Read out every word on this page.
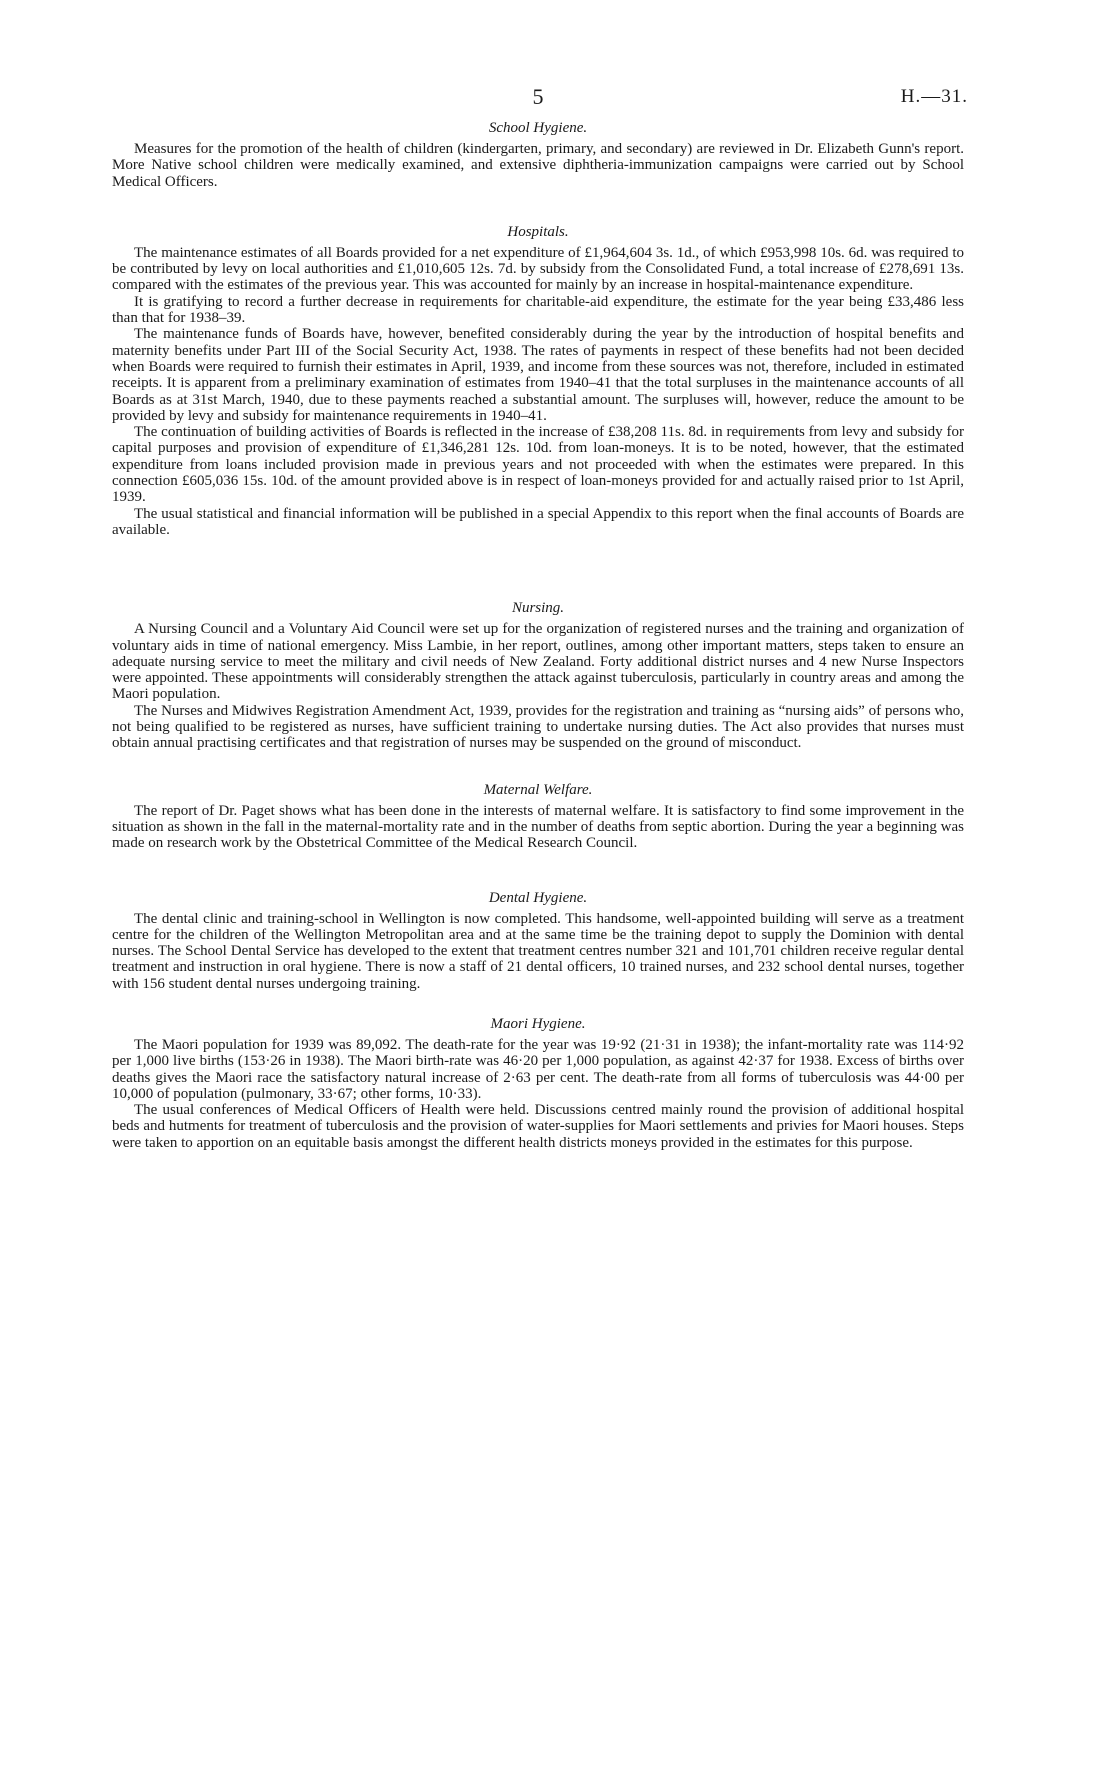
5	H.—31.
School Hygiene.

Measures for the promotion of the health of children (kindergarten, primary, and secondary) are reviewed in Dr. Elizabeth Gunn's report. More Native school children were medically examined, and extensive diphtheria-immunization campaigns were carried out by School Medical Officers.

Hospitals.

The maintenance estimates of all Boards provided for a net expenditure of £1,964,604 3s. 1d., of which £953,998 10s. 6d. was required to be contributed by levy on local authorities and £1,010,605 12s. 7d. by subsidy from the Consolidated Fund, a total increase of £278,691 13s. compared with the estimates of the previous year. This was accounted for mainly by an increase in hospital-maintenance expenditure.

It is gratifying to record a further decrease in requirements for charitable-aid expenditure, the estimate for the year being £33,486 less than that for 1938–39.

The maintenance funds of Boards have, however, benefited considerably during the year by the introduction of hospital benefits and maternity benefits under Part III of the Social Security Act, 1938. The rates of payments in respect of these benefits had not been decided when Boards were required to furnish their estimates in April, 1939, and income from these sources was not, therefore, included in estimated receipts. It is apparent from a preliminary examination of estimates from 1940–41 that the total surpluses in the maintenance accounts of all Boards as at 31st March, 1940, due to these payments reached a substantial amount. The surpluses will, however, reduce the amount to be provided by levy and subsidy for maintenance requirements in 1940–41.

The continuation of building activities of Boards is reflected in the increase of £38,208 11s. 8d. in requirements from levy and subsidy for capital purposes and provision of expenditure of £1,346,281 12s. 10d. from loan-moneys. It is to be noted, however, that the estimated expenditure from loans included provision made in previous years and not proceeded with when the estimates were prepared. In this connection £605,036 15s. 10d. of the amount provided above is in respect of loan-moneys provided for and actually raised prior to 1st April, 1939.

The usual statistical and financial information will be published in a special Appendix to this report when the final accounts of Boards are available.

Nursing.

A Nursing Council and a Voluntary Aid Council were set up for the organization of registered nurses and the training and organization of voluntary aids in time of national emergency. Miss Lambie, in her report, outlines, among other important matters, steps taken to ensure an adequate nursing service to meet the military and civil needs of New Zealand. Forty additional district nurses and 4 new Nurse Inspectors were appointed. These appointments will considerably strengthen the attack against tuberculosis, particularly in country areas and among the Maori population.

The Nurses and Midwives Registration Amendment Act, 1939, provides for the registration and training as “nursing aids” of persons who, not being qualified to be registered as nurses, have sufficient training to undertake nursing duties. The Act also provides that nurses must obtain annual practising certificates and that registration of nurses may be suspended on the ground of misconduct.

Maternal Welfare.

The report of Dr. Paget shows what has been done in the interests of maternal welfare. It is satisfactory to find some improvement in the situation as shown in the fall in the maternal-mortality rate and in the number of deaths from septic abortion. During the year a beginning was made on research work by the Obstetrical Committee of the Medical Research Council.

Dental Hygiene.

The dental clinic and training-school in Wellington is now completed. This handsome, well-appointed building will serve as a treatment centre for the children of the Wellington Metropolitan area and at the same time be the training depot to supply the Dominion with dental nurses. The School Dental Service has developed to the extent that treatment centres number 321 and 101,701 children receive regular dental treatment and instruction in oral hygiene. There is now a staff of 21 dental officers, 10 trained nurses, and 232 school dental nurses, together with 156 student dental nurses undergoing training.

Maori Hygiene.

The Maori population for 1939 was 89,092. The death-rate for the year was 19·92 (21·31 in 1938); the infant-mortality rate was 114·92 per 1,000 live births (153·26 in 1938). The Maori birth-rate was 46·20 per 1,000 population, as against 42·37 for 1938. Excess of births over deaths gives the Maori race the satisfactory natural increase of 2·63 per cent. The death-rate from all forms of tuberculosis was 44·00 per 10,000 of population (pulmonary, 33·67; other forms, 10·33).

The usual conferences of Medical Officers of Health were held. Discussions centred mainly round the provision of additional hospital beds and hutments for treatment of tuberculosis and the provision of water-supplies for Maori settlements and privies for Maori houses. Steps were taken to apportion on an equitable basis amongst the different health districts moneys provided in the estimates for this purpose.
